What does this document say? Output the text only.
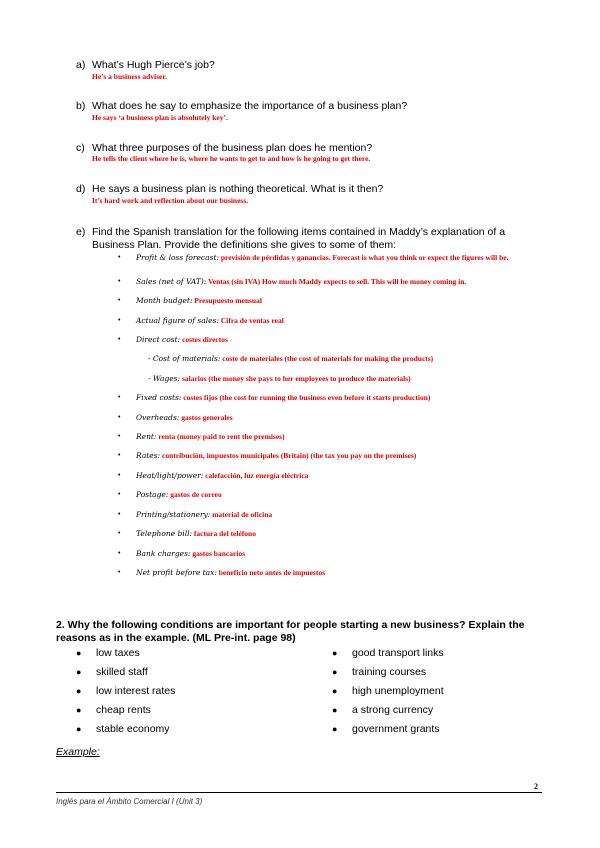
a) What’s Hugh Pierce’s job?
He’s a business adviser.
b) What does he say to emphasize the importance of a business plan?
He says ‘a business plan is absolutely key’.
c) What three purposes of the business plan does he mention?
He tells the client where he is, where he wants to get to and how is he going to get there.
d) He says a business plan is nothing theoretical. What is it then?
It’s hard work and reflection about our business.
e) Find the Spanish translation for the following items contained in Maddy’s explanation of a Business Plan. Provide the definitions she gives to some of them:
• Profit & loss forecast: previsión de pérdidas y ganancias. Forecast is what you think or expect the figures will be.
• Sales (net of VAT): Ventas (sin IVA) How much Maddy expects to sell. This will be money coming in.
• Month budget: Presupuesto mensual
• Actual figure of sales: Cifra de ventas real
• Direct cost: costes directos
- Cost of materials: coste de materiales (the cost of materials for making the products)
- Wages: salarios (the money she pays to her employees to produce the materials)
• Fixed costs: costes fijos (the cost for running the business even before it starts production)
• Overheads: gastos generales
• Rent: renta (money paid to rent the premises)
• Rates: contribución, impuestos municipales (Britain) (the tax you pay on the premises)
• Heat/light/power: calefacción, luz energía eléctrica
• Postage: gastos de correo
• Printing/stationery: material de oficina
• Telephone bill: factura del teléfono
• Bank charges: gastos bancarios
• Net profit before tax: beneficio neto antes de impuestos
2. Why the following conditions are important for people starting a new business? Explain the reasons as in the example. (ML Pre-int. page 98)
● low taxes
● skilled staff
● low interest rates
● cheap rents
● stable economy
● good transport links
● training courses
● high unemployment
● a strong currency
● government grants
Example:
2
Inglés para el Ámbito Comercial I (Unit 3)
